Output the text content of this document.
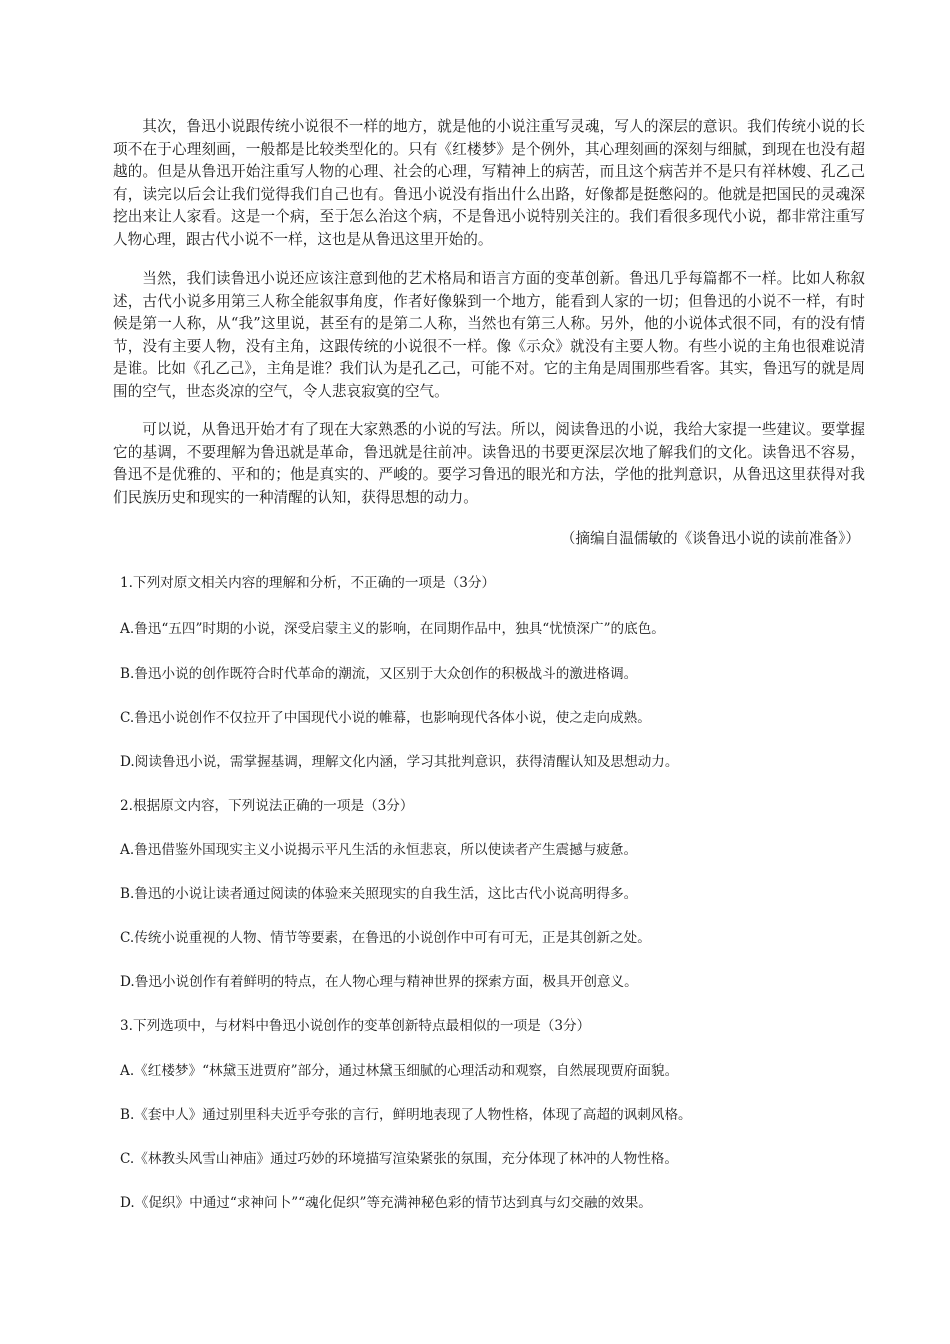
其次，鲁迅小说跟传统小说很不一样的地方，就是他的小说注重写灵魂，写人的深层的意识。我们传统小说的长项不在于心理刻画，一般都是比较类型化的。只有《红楼梦》是个例外，其心理刻画的深刻与细腻，到现在也没有超越的。但是从鲁迅开始注重写人物的心理、社会的心理，写精神上的病苦，而且这个病苦并不是只有祥林嫂、孔乙己有，读完以后会让我们觉得我们自己也有。鲁迅小说没有指出什么出路，好像都是挺憋闷的。他就是把国民的灵魂深挖出来让人家看。这是一个病，至于怎么治这个病，不是鲁迅小说特别关注的。我们看很多现代小说，都非常注重写人物心理，跟古代小说不一样，这也是从鲁迅这里开始的。

当然，我们读鲁迅小说还应该注意到他的艺术格局和语言方面的变革创新。鲁迅几乎每篇都不一样。比如人称叙述，古代小说多用第三人称全能叙事角度，作者好像躲到一个地方，能看到人家的一切；但鲁迅的小说不一样，有时候是第一人称，从“我”这里说，甚至有的是第二人称，当然也有第三人称。另外，他的小说体式很不同，有的没有情节，没有主要人物，没有主角，这跟传统的小说很不一样。像《示众》就没有主要人物。有些小说的主角也很难说清是谁。比如《孔乙己》，主角是谁？我们认为是孔乙己，可能不对。它的主角是周围那些看客。其实，鲁迅写的就是周围的空气，世态炎凉的空气，令人悲哀寂寞的空气。

可以说，从鲁迅开始才有了现在大家熟悉的小说的写法。所以，阅读鲁迅的小说，我给大家提一些建议。要掌握它的基调，不要理解为鲁迅就是革命，鲁迅就是往前冲。读鲁迅的书要更深层次地了解我们的文化。读鲁迅不容易，鲁迅不是优雅的、平和的；他是真实的、严峻的。要学习鲁迅的眼光和方法，学他的批判意识，从鲁迅这里获得对我们民族历史和现实的一种清醒的认知，获得思想的动力。

（摘编自温儒敏的《谈鲁迅小说的读前准备》）

1.下列对原文相关内容的理解和分析，不正确的一项是（3分）

A.鲁迅“五四”时期的小说，深受启蒙主义的影响，在同期作品中，独具“忧愤深广”的底色。

B.鲁迅小说的创作既符合时代革命的潮流，又区别于大众创作的积极战斗的激进格调。

C.鲁迅小说创作不仅拉开了中国现代小说的帷幕，也影响现代各体小说，使之走向成熟。

D.阅读鲁迅小说，需掌握基调，理解文化内涵，学习其批判意识，获得清醒认知及思想动力。

2.根据原文内容，下列说法正确的一项是（3分）

A.鲁迅借鉴外国现实主义小说揭示平凡生活的永恒悲哀，所以使读者产生震撼与疲惫。

B.鲁迅的小说让读者通过阅读的体验来关照现实的自我生活，这比古代小说高明得多。

C.传统小说重视的人物、情节等要素，在鲁迅的小说创作中可有可无，正是其创新之处。

D.鲁迅小说创作有着鲜明的特点，在人物心理与精神世界的探索方面，极具开创意义。

3.下列选项中，与材料中鲁迅小说创作的变革创新特点最相似的一项是（3分）

A.《红楼梦》“林黛玉进贾府”部分，通过林黛玉细腻的心理活动和观察，自然展现贾府面貌。

B.《套中人》通过别里科夫近乎夸张的言行，鲜明地表现了人物性格，体现了高超的讽刺风格。

C.《林教头风雪山神庙》通过巧妙的环境描写渲染紧张的氛围，充分体现了林冲的人物性格。

D.《促织》中通过“求神问卜”“魂化促织”等充满神秘色彩的情节达到真与幻交融的效果。
